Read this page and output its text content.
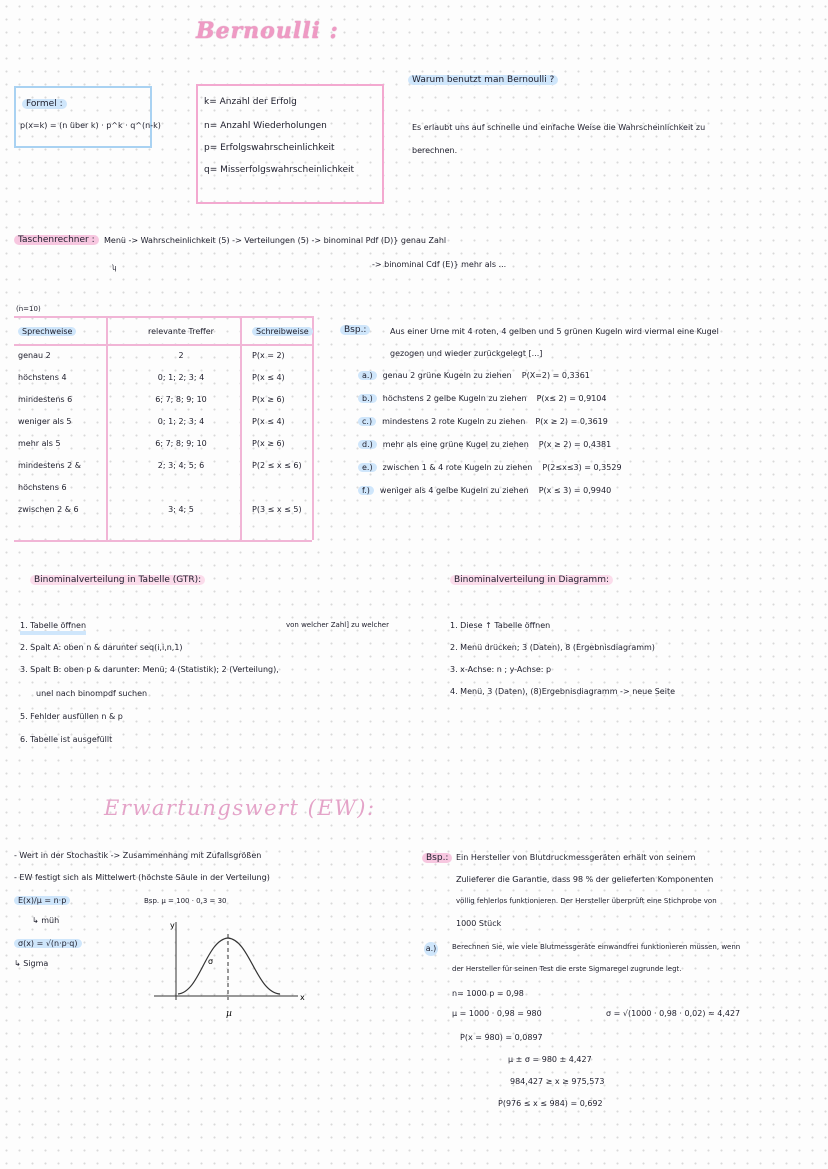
Bernoulli :
Formel :
p(x=k) = (n über k) · p^k · q^(n-k)
k= Anzahl der Erfolg
n= Anzahl Wiederholungen
p= Erfolgswahrscheinlichkeit
q= Misserfolgswahrscheinlichkeit
Warum benutzt man Bernoulli ?
Es erlaubt uns auf schnelle und einfache Weise die Wahrscheinlichkeit zu
berechnen.
Taschenrechner :	Menü -> Wahrscheinlichkeit (5) -> Verteilungen (5) -> binominal Pdf (D)} genau Zahl
-> binominal Cdf (E)} mehr als ...
ʮ
(n=10)
Sprechweise	relevante Treffer	Schreibweise
genau 2	2	P(x = 2)
höchstens 4	0; 1; 2; 3; 4	P(x ≤ 4)
mindestens 6	6; 7; 8; 9; 10	P(x ≥ 6)
weniger als 5	0; 1; 2; 3; 4	P(x ≤ 4)
mehr als 5	6; 7; 8; 9; 10	P(x ≥ 6)
mindestens 2 &	2; 3; 4; 5; 6	P(2 ≤ x ≤ 6)
höchstens 6		
zwischen 2 & 6	3; 4; 5	P(3 ≤ x ≤ 5)
Bsp.:	Aus einer Urne mit 4 roten, 4 gelben und 5 grünen Kugeln wird viermal eine Kugel
gezogen und wieder zurückgelegt [...]
a.) genau 2 grüne Kugeln zu ziehen P(X=2) = 0,3361
b.) höchstens 2 gelbe Kugeln zu ziehen P(x≤ 2) = 0,9104
c.) mindestens 2 rote Kugeln zu ziehen P(x ≥ 2) = 0,3619
d.) mehr als eine grüne Kugel zu ziehen P(x ≥ 2) = 0,4381
e.) zwischen 1 & 4 rote Kugeln zu ziehen P(2≤x≤3) = 0,3529
f.) weniger als 4 gelbe Kugeln zu ziehen P(x ≤ 3) = 0,9940
Binominalverteilung in Tabelle (GTR):
von welcher Zahl] zu welcher
1. Tabelle öffnen
2. Spalt A: oben n & darunter seq(i,i,n,1)
3. Spalt B: oben p & darunter: Menü; 4 (Statistik); 2 (Verteilung),
unel nach binompdf suchen
5. Fehlder ausfüllen n & p
6. Tabelle ist ausgefüllt
Binominalverteilung in Diagramm:
1. Diese ↑ Tabelle öffnen
2. Menü drücken; 3 (Daten), 8 (Ergebnisdiagramm)
3. x-Achse: n ; y-Achse: p
4. Menü, 3 (Daten), (8)Ergebnisdiagramm -> neue Seite
Erwartungswert (EW):
- Wert in der Stochastik -> Zusammenhang mit Zufallsgrößen
- EW festigt sich als Mittelwert (höchste Säule in der Verteilung)
E(x)/µ = n·p	Bsp. µ = 100 · 0,3 = 30
↳ müh
σ(x) = √(n·p·q)
↳ Sigma
µ
σ
x
y
Bsp.: Ein Hersteller von Blutdruckmessgeräten erhält von seinem
Zulieferer die Garantie, dass 98 % der gelieferten Komponenten
völlig fehlerlos funktionieren. Der Hersteller überprüft eine Stichprobe von
1000 Stück
a.)	Berechnen Sie, wie viele Blutmessgeräte einwandfrei funktionieren müssen, wenn
der Hersteller für seinen Test die erste Sigmaregel zugrunde legt.
n= 1000 p = 0,98
µ = 1000 · 0,98 = 980	σ = √(1000 · 0,98 · 0,02) ≈ 4,427
P(x = 980) = 0,0897
µ ± σ = 980 ± 4,427
984,427 ≥ x ≥ 975,573
P(976 ≤ x ≤ 984) = 0,692
